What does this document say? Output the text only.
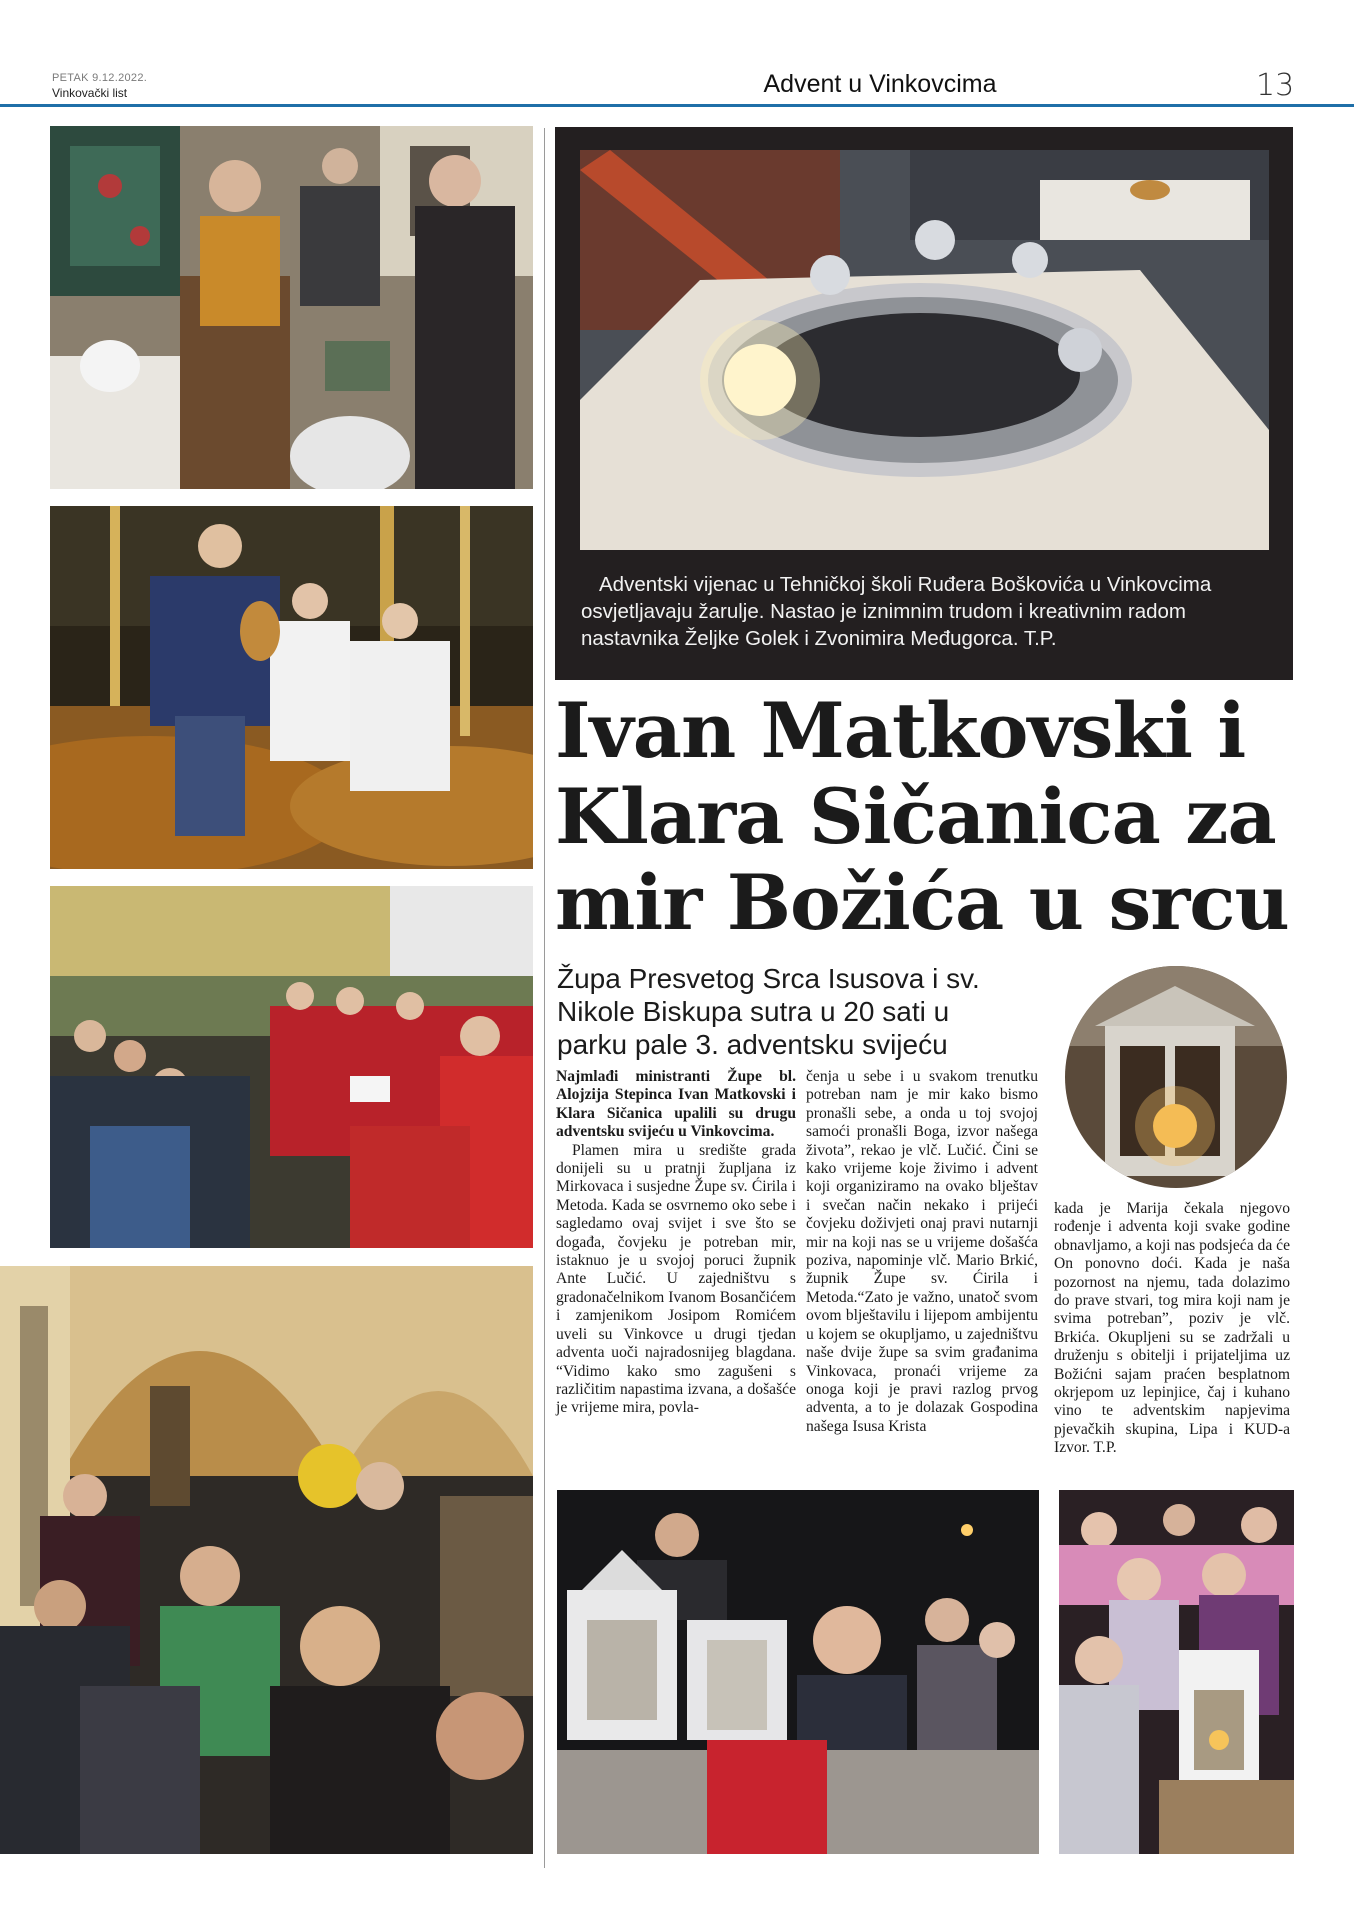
PETAK 9.12.2022.
Vinkovački list	Advent u Vinkovcima	13
Adventski vijenac u Tehničkoj školi Ruđera Boškovića u Vinkovcima osvjetljavaju žarulje. Nastao je iznimnim trudom i kreativnim radom nastavnika Željke Golek i Zvonimira Međugorca. T.P.
Ivan Matkovski i Klara Sičanica za mir Božića u srcu
Župa Presvetog Srca Isusova i sv. Nikole Biskupa sutra u 20 sati u parku pale 3. adventsku svijeću

Najmlađi ministranti Župe bl. Alojzija Stepinca Ivan Matkovski i Klara Sičanica upalili su drugu adventsku svijeću u Vinkovcima.

Plamen mira u središte grada donijeli su u pratnji župljana iz Mirkovaca i susjedne Župe sv. Ćirila i Metoda. Kada se osvrnemo oko sebe i sagledamo ovaj svijet i sve što se događa, čovjeku je potreban mir, istaknuo je u svojoj poruci župnik Ante Lučić. U zajedništvu s gradonačelnikom Ivanom Bosančićem i zamjenikom Josipom Romićem uveli su Vinkovce u drugi tjedan adventa uoči najradosnijeg blagdana. “Vidimo kako smo zagušeni s različitim napastima izvana, a došašće je vrijeme mira, povla-

čenja u sebe i u svakom trenutku potreban nam je mir kako bismo pronašli sebe, a onda u toj svojoj samoći pronašli Boga, izvor našega života”, rekao je vlč. Lučić. Čini se kako vrijeme koje živimo i advent koji organiziramo na ovako blještav i svečan način nekako i prijeći čovjeku doživjeti onaj pravi nutarnji mir na koji nas se u vrijeme došašća poziva, napominje vlč. Mario Brkić, župnik Župe sv. Ćirila i Metoda.“Zato je važno, unatoč svom ovom blještavilu i lijepom ambijentu u kojem se okupljamo, u zajedništvu naše dvije župe sa svim građanima Vinkovaca, pronaći vrijeme za onoga koji je pravi razlog prvog adventa, a to je dolazak Gospodina našega Isusa Krista

kada je Marija čekala njegovo rođenje i adventa koji svake godine obnavljamo, a koji nas podsjeća da će On ponovno doći. Kada je naša pozornost na njemu, tada dolazimo do prave stvari, tog mira koji nam je svima potreban”, poziv je vlč. Brkića. Okupljeni su se zadržali u druženju s obitelji i prijateljima uz Božićni sajam praćen besplatnom okrjepom uz lepinjice, čaj i kuhano vino te adventskim napjevima pjevačkih skupina, Lipa i KUD-a Izvor. T.P.
